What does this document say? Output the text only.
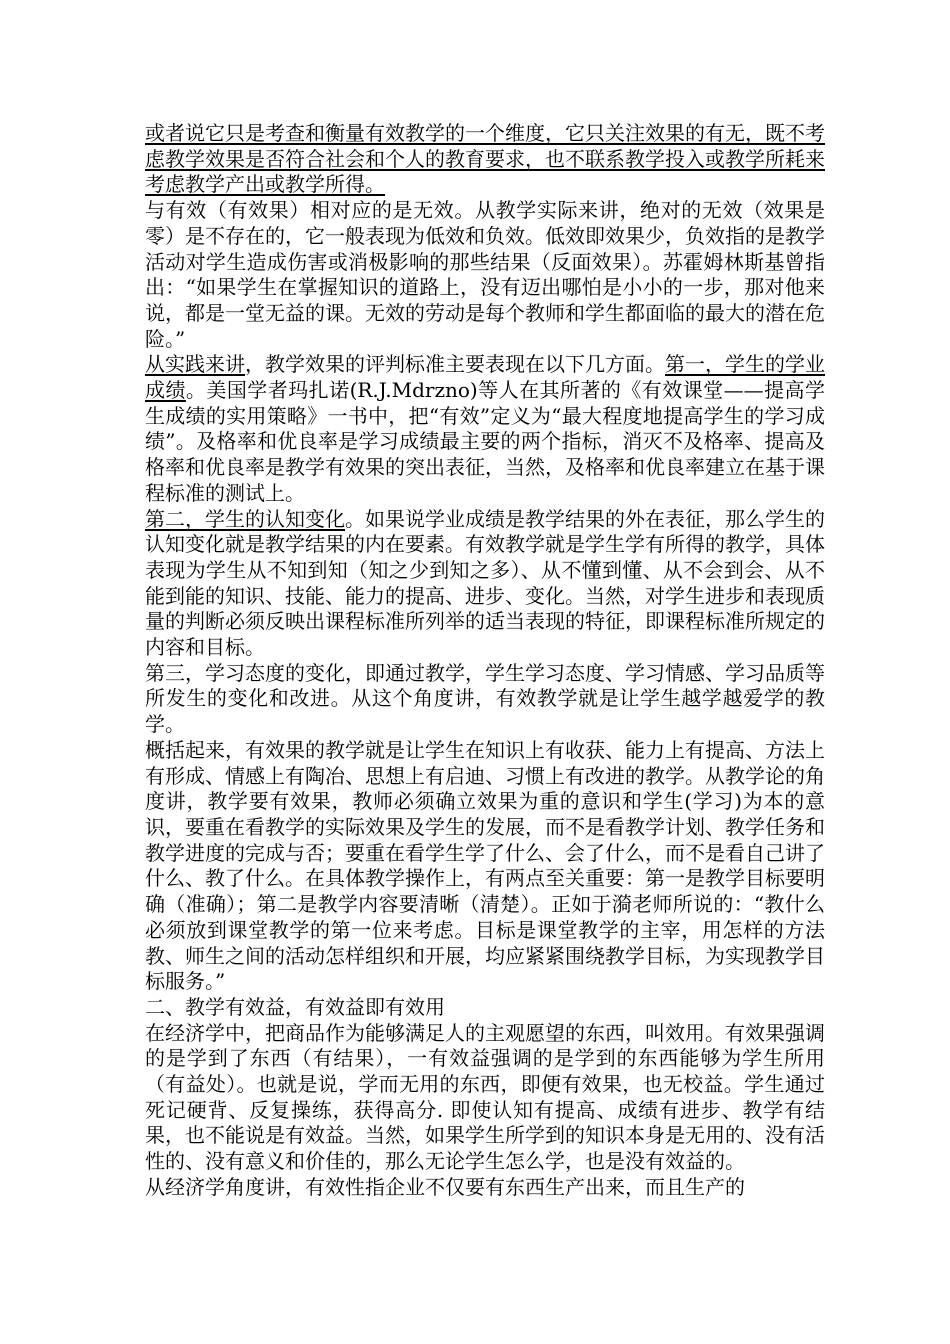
或者说它只是考查和衡量有效教学的一个维度，它只关注效果的有无，既不考虑教学效果是否符合社会和个人的教育要求，也不联系教学投入或教学所耗来考虑教学产出或教学所得。

与有效（有效果）相对应的是无效。从教学实际来讲，绝对的无效（效果是零）是不存在的，它一般表现为低效和负效。低效即效果少，负效指的是教学活动对学生造成伤害或消极影响的那些结果（反面效果）。苏霍姆林斯基曾指出：“如果学生在掌握知识的道路上，没有迈出哪怕是小小的一步，那对他来说，都是一堂无益的课。无效的劳动是每个教师和学生都面临的最大的潜在危险。”

从实践来讲，教学效果的评判标准主要表现在以下几方面。第一，学生的学业成绩。美国学者玛扎诺(R.J.Mdrzno)等人在其所著的《有效课堂——提高学生成绩的实用策略》一书中，把“有效”定义为“最大程度地提高学生的学习成绩”。及格率和优良率是学习成绩最主要的两个指标，消灭不及格率、提高及格率和优良率是教学有效果的突出表征，当然，及格率和优良率建立在基于课程标准的测试上。

第二，学生的认知变化。如果说学业成绩是教学结果的外在表征，那么学生的认知变化就是教学结果的内在要素。有效教学就是学生学有所得的教学，具体表现为学生从不知到知（知之少到知之多）、从不懂到懂、从不会到会、从不能到能的知识、技能、能力的提高、进步、变化。当然，对学生进步和表现质量的判断必须反映出课程标准所列举的适当表现的特征，即课程标准所规定的内容和目标。

第三，学习态度的变化，即通过教学，学生学习态度、学习情感、学习品质等所发生的变化和改进。从这个角度讲，有效教学就是让学生越学越爱学的教学。

概括起来，有效果的教学就是让学生在知识上有收获、能力上有提高、方法上有形成、情感上有陶冶、思想上有启迪、习惯上有改进的教学。从教学论的角度讲，教学要有效果，教师必须确立效果为重的意识和学生(学习)为本的意识，要重在看教学的实际效果及学生的发展，而不是看教学计划、教学任务和教学进度的完成与否；要重在看学生学了什么、会了什么，而不是看自己讲了什么、教了什么。在具体教学操作上，有两点至关重要：第一是教学目标要明确（准确）；第二是教学内容要清晰（清楚）。正如于漪老师所说的：“教什么必须放到课堂教学的第一位来考虑。目标是课堂教学的主宰，用怎样的方法教、师生之间的活动怎样组织和开展，均应紧紧围绕教学目标，为实现教学目标服务。”

二、教学有效益，有效益即有效用

在经济学中，把商品作为能够满足人的主观愿望的东西，叫效用。有效果强调的是学到了东西（有结果），一有效益强调的是学到的东西能够为学生所用（有益处）。也就是说，学而无用的东西，即便有效果，也无校益。学生通过死记硬背、反复操练，获得高分. 即使认知有提高、成绩有进步、教学有结果，也不能说是有效益。当然，如果学生所学到的知识本身是无用的、没有活性的、没有意义和价佳的，那么无论学生怎么学，也是没有效益的。

从经济学角度讲，有效性指企业不仅要有东西生产出来，而且生产的
